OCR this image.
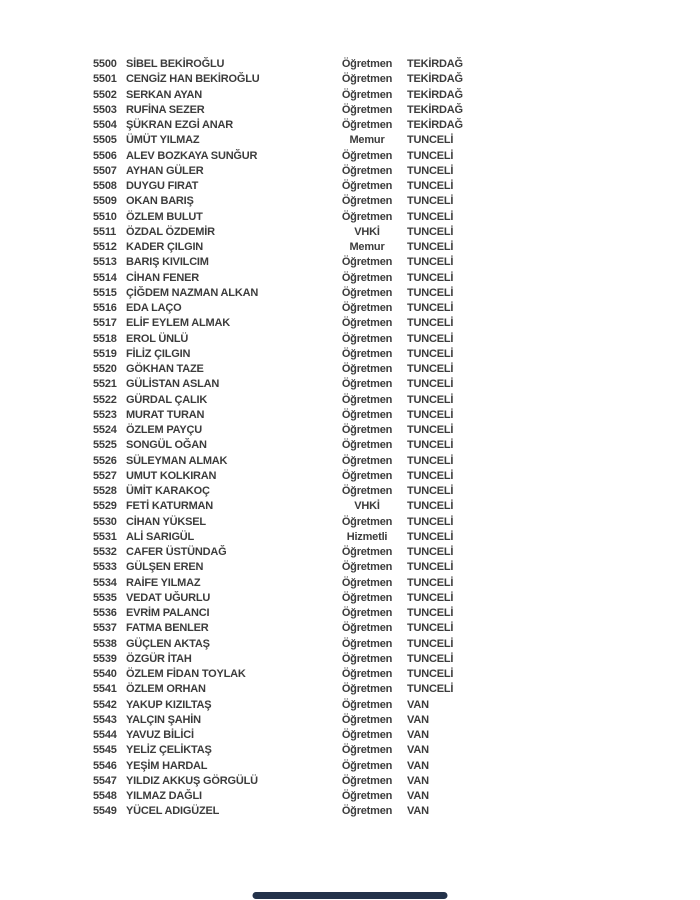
5500 SİBEL BEKİROĞLU	Öğretmen	TEKİRDAĞ
5501 CENGİZ HAN BEKİROĞLU	Öğretmen	TEKİRDAĞ
5502 SERKAN AYAN	Öğretmen	TEKİRDAĞ
5503 RUFİNA SEZER	Öğretmen	TEKİRDAĞ
5504 ŞÜKRAN EZGİ ANAR	Öğretmen	TEKİRDAĞ
5505 ÜMÜT YILMAZ	Memur	TUNCELİ
5506 ALEV BOZKAYA SUNĞUR	Öğretmen	TUNCELİ
5507 AYHAN GÜLER	Öğretmen	TUNCELİ
5508 DUYGU FIRAT	Öğretmen	TUNCELİ
5509 OKAN BARIŞ	Öğretmen	TUNCELİ
5510 ÖZLEM BULUT	Öğretmen	TUNCELİ
5511 ÖZDAL ÖZDEMİR	VHKİ	TUNCELİ
5512 KADER ÇILGIN	Memur	TUNCELİ
5513 BARIŞ KIVILCIM	Öğretmen	TUNCELİ
5514 CİHAN FENER	Öğretmen	TUNCELİ
5515 ÇİĞDEM NAZMAN ALKAN	Öğretmen	TUNCELİ
5516 EDA LAÇO	Öğretmen	TUNCELİ
5517 ELİF EYLEM ALMAK	Öğretmen	TUNCELİ
5518 EROL ÜNLÜ	Öğretmen	TUNCELİ
5519 FİLİZ ÇILGIN	Öğretmen	TUNCELİ
5520 GÖKHAN TAZE	Öğretmen	TUNCELİ
5521 GÜLİSTAN ASLAN	Öğretmen	TUNCELİ
5522 GÜRDAL ÇALIK	Öğretmen	TUNCELİ
5523 MURAT TURAN	Öğretmen	TUNCELİ
5524 ÖZLEM PAYÇU	Öğretmen	TUNCELİ
5525 SONGÜL OĞAN	Öğretmen	TUNCELİ
5526 SÜLEYMAN ALMAK	Öğretmen	TUNCELİ
5527 UMUT KOLKIRAN	Öğretmen	TUNCELİ
5528 ÜMİT KARAKOÇ	Öğretmen	TUNCELİ
5529 FETİ KATURMAN	VHKİ	TUNCELİ
5530 CİHAN YÜKSEL	Öğretmen	TUNCELİ
5531 ALİ SARIGÜL	Hizmetli	TUNCELİ
5532 CAFER ÜSTÜNDAĞ	Öğretmen	TUNCELİ
5533 GÜLŞEN EREN	Öğretmen	TUNCELİ
5534 RAİFE YILMAZ	Öğretmen	TUNCELİ
5535 VEDAT UĞURLU	Öğretmen	TUNCELİ
5536 EVRİM PALANCI	Öğretmen	TUNCELİ
5537 FATMA BENLER	Öğretmen	TUNCELİ
5538 GÜÇLEN AKTAŞ	Öğretmen	TUNCELİ
5539 ÖZGÜR İTAH	Öğretmen	TUNCELİ
5540 ÖZLEM FİDAN TOYLAK	Öğretmen	TUNCELİ
5541 ÖZLEM ORHAN	Öğretmen	TUNCELİ
5542 YAKUP KIZILTAŞ	Öğretmen	VAN
5543 YALÇIN ŞAHİN	Öğretmen	VAN
5544 YAVUZ BİLİCİ	Öğretmen	VAN
5545 YELİZ ÇELİKTAŞ	Öğretmen	VAN
5546 YEŞİM HARDAL	Öğretmen	VAN
5547 YILDIZ AKKUŞ GÖRGÜLÜ	Öğretmen	VAN
5548 YILMAZ DAĞLI	Öğretmen	VAN
5549 YÜCEL ADIGÜZEL	Öğretmen	VAN
